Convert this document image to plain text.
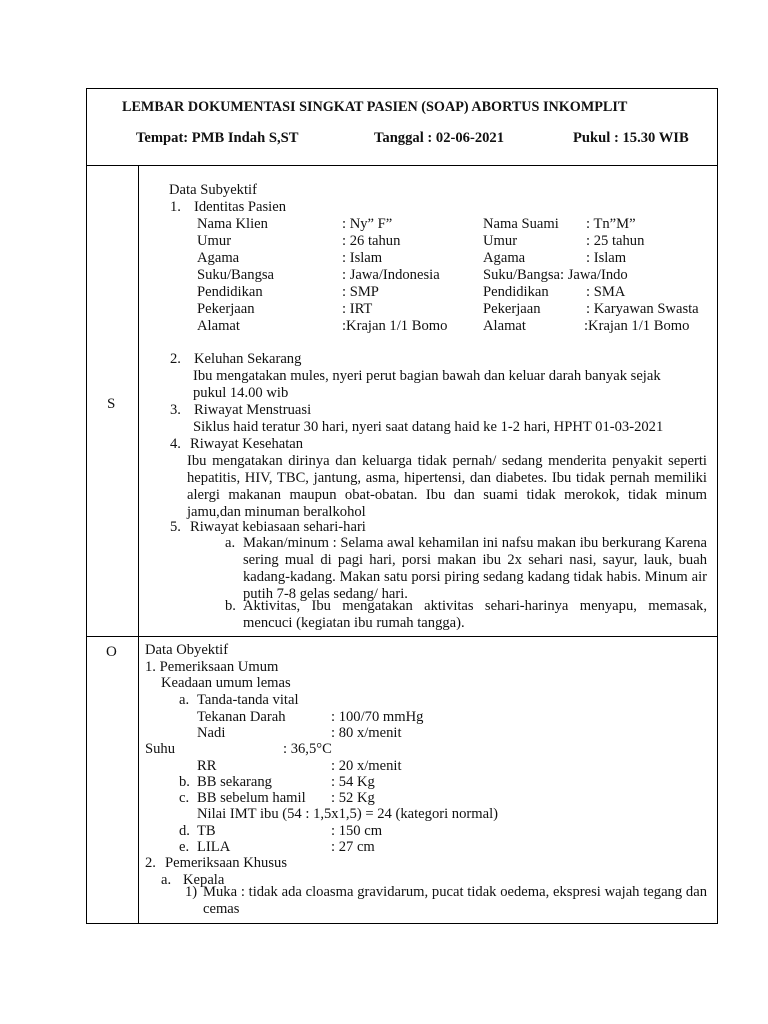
LEMBAR DOKUMENTASI SINGKAT PASIEN (SOAP) ABORTUS INKOMPLIT
Tempat: PMB Indah S,ST	Tanggal : 02-06-2021	Pukul : 15.30 WIB
S
Data Subyektif
1. Identitas Pasien
Nama Klien	: Ny” F”	Nama Suami : Tn”M”
Umur	: 26 tahun	Umur	: 25 tahun
Agama	: Islam	Agama	: Islam
Suku/Bangsa	: Jawa/Indonesia	Suku/Bangsa: Jawa/Indo
Pendidikan	: SMP	Pendidikan	: SMA
Pekerjaan	: IRT	Pekerjaan	: Karyawan Swasta
Alamat	:Krajan 1/1 Bomo Alamat	:Krajan 1/1 Bomo
2. Keluhan Sekarang
Ibu mengatakan mules, nyeri perut bagian bawah dan keluar darah banyak sejak
pukul 14.00 wib
3. Riwayat Menstruasi
Siklus haid teratur 30 hari, nyeri saat datang haid ke 1-2 hari, HPHT 01-03-2021
4. Riwayat Kesehatan
Ibu mengatakan dirinya dan keluarga tidak pernah/ sedang menderita penyakit seperti hepatitis, HIV, TBC, jantung, asma, hipertensi, dan diabetes. Ibu tidak pernah memiliki alergi makanan maupun obat-obatan. Ibu dan suami tidak merokok, tidak minum jamu,dan minuman beralkohol
5. Riwayat kebiasaan sehari-hari
a. Makan/minum : Selama awal kehamilan ini nafsu makan ibu berkurang Karena sering mual di pagi hari, porsi makan ibu 2x sehari nasi, sayur, lauk, buah kadang-kadang. Makan satu porsi piring sedang kadang tidak habis. Minum air putih 7-8 gelas sedang/ hari.
b. Aktivitas, Ibu mengatakan aktivitas sehari-harinya menyapu, memasak, mencuci (kegiatan ibu rumah tangga).
O Data Obyektif
1. Pemeriksaan Umum
Keadaan umum lemas
a. Tanda-tanda vital
Tekanan Darah	: 100/70 mmHg
Nadi	: 80 x/menit
Suhu	: 36,5°C
RR	: 20 x/menit
b. BB sekarang	: 54 Kg
c. BB sebelum hamil : 52 Kg
Nilai IMT ibu (54 : 1,5x1,5) = 24 (kategori normal)
d. TB	: 150 cm
e. LILA	: 27 cm
2. Pemeriksaan Khusus
a. Kepala
1) Muka : tidak ada cloasma gravidarum, pucat tidak oedema, ekspresi wajah tegang dan cemas
